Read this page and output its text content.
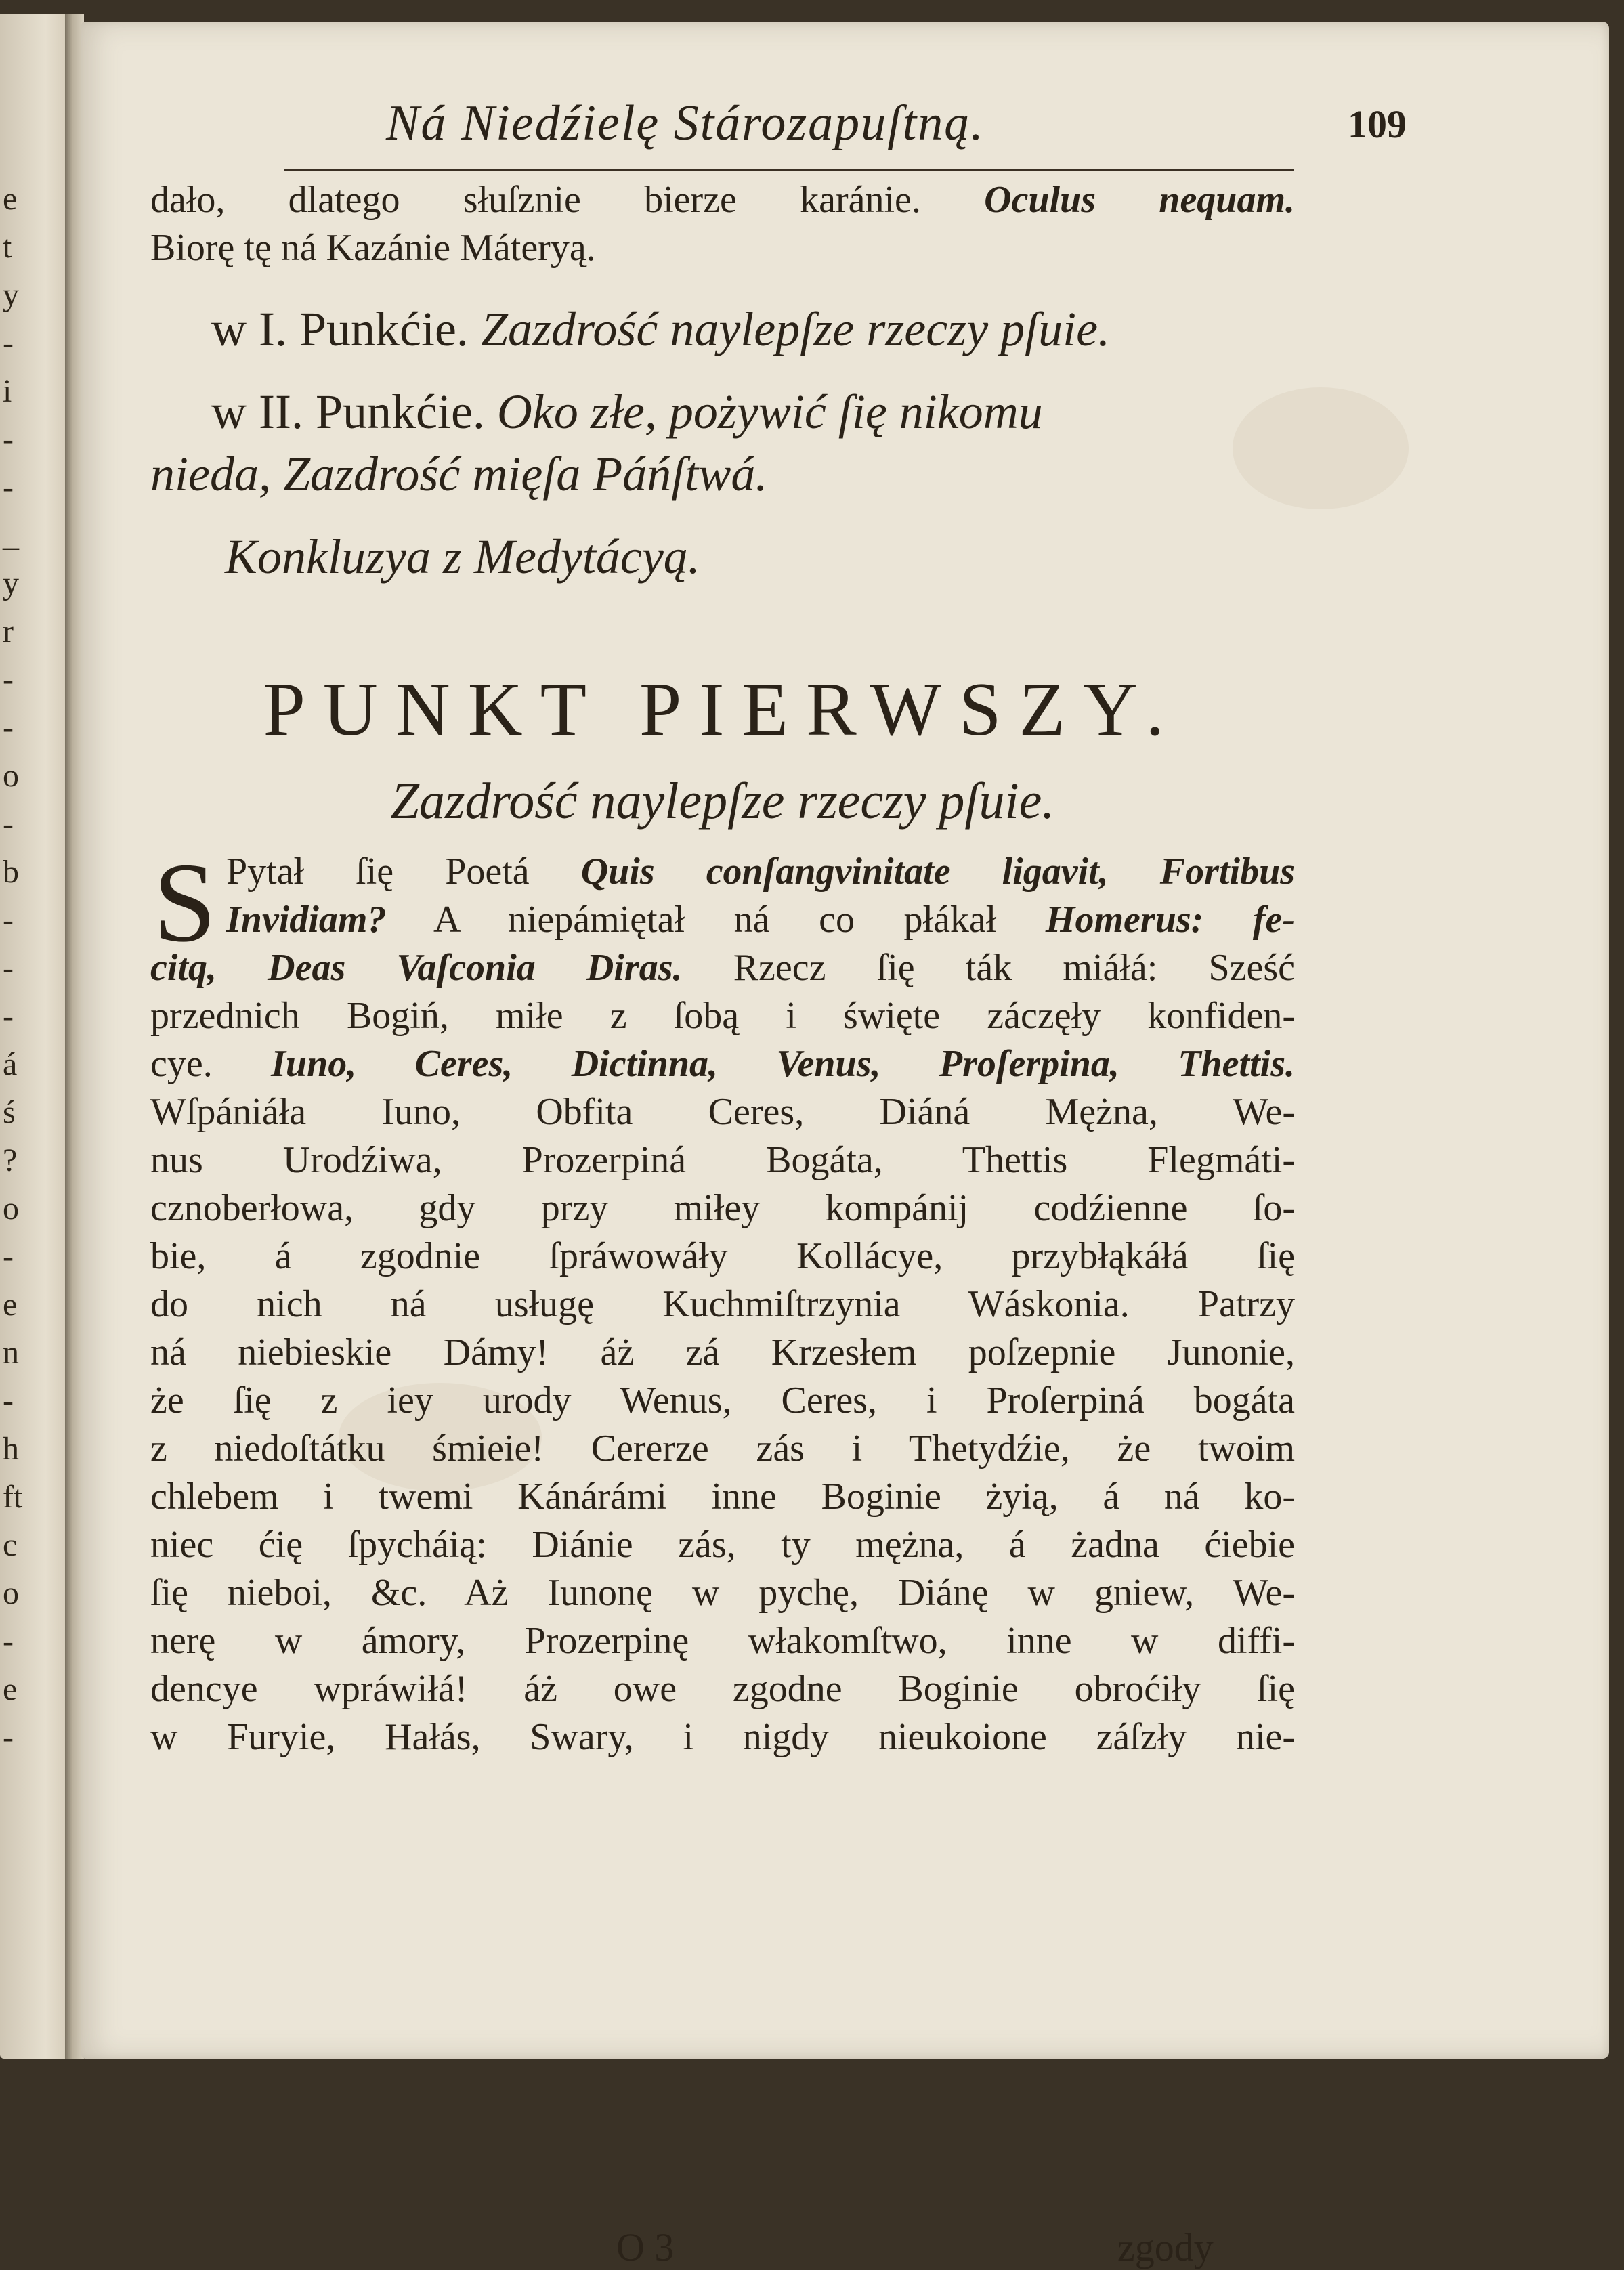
e
t
y
-
i
-
-
_
y
r
-
-
o
-
b
-
-
-
á
ś
?
o
-
e
n
-
h
ft
c
o
-
e
-
Ná Niedźielę Stározapuſtną.	109
dało, dlatego słuſznie bierze karánie. Oculus nequam.
Biorę tę ná Kazánie Máteryą.
w I. Punkćie. Zazdrość naylepſze rzeczy pſuie.
w II. Punkćie. Oko złe, pożywić ſię nikomu
nieda, Zazdrość mięſa Páńſtwá.
Konkluzya z Medytácyą.
PUNKT PIERWSZY.
Zazdrość naylepſze rzeczy pſuie.
S Pytał ſię Poetá Quis conſangvinitate ligavit, Fortibus
Invidiam? A niepámiętał ná co płákał Homerus: fe-
citq, Deas Vaſconia Diras. Rzecz ſię ták miáłá: Sześć
przednich Bogiń, miłe z ſobą i święte záczęły konfiden-
cye. Iuno, Ceres, Dictinna, Venus, Proſerpina, Thettis.
Wſpániáła Iuno, Obfita Ceres, Diáná Mężna, We-
nus Urodźiwa, Prozerpiná Bogáta, Thettis Flegmáti-
cznoberłowa, gdy przy miłey kompánij codźienne ſo-
bie, á zgodnie ſpráwowáły Kollácye, przybłąkáłá ſię
do nich ná usługę Kuchmiſtrzynia Wáskonia. Patrzy
ná niebieskie Dámy! áż zá Krzesłem poſzepnie Junonie,
że ſię z iey urody Wenus, Ceres, i Proſerpiná bogáta
z niedoſtátku śmieie! Cererze zás i Thetydźie, że twoim
chlebem i twemi Kánárámi inne Boginie żyią, á ná ko-
niec ćię ſpycháią: Diánie zás, ty mężna, á żadna ćiebie
ſię nieboi, &c. Aż Iunonę w pychę, Diánę w gniew, We-
nerę w ámory, Prozerpinę włakomſtwo, inne w diffi-
dencye wpráwiłá! áż owe zgodne Boginie obroćiły ſię
w Furyie, Hałás, Swary, i nigdy nieukoione záſzły nie-
O 3	zgody
